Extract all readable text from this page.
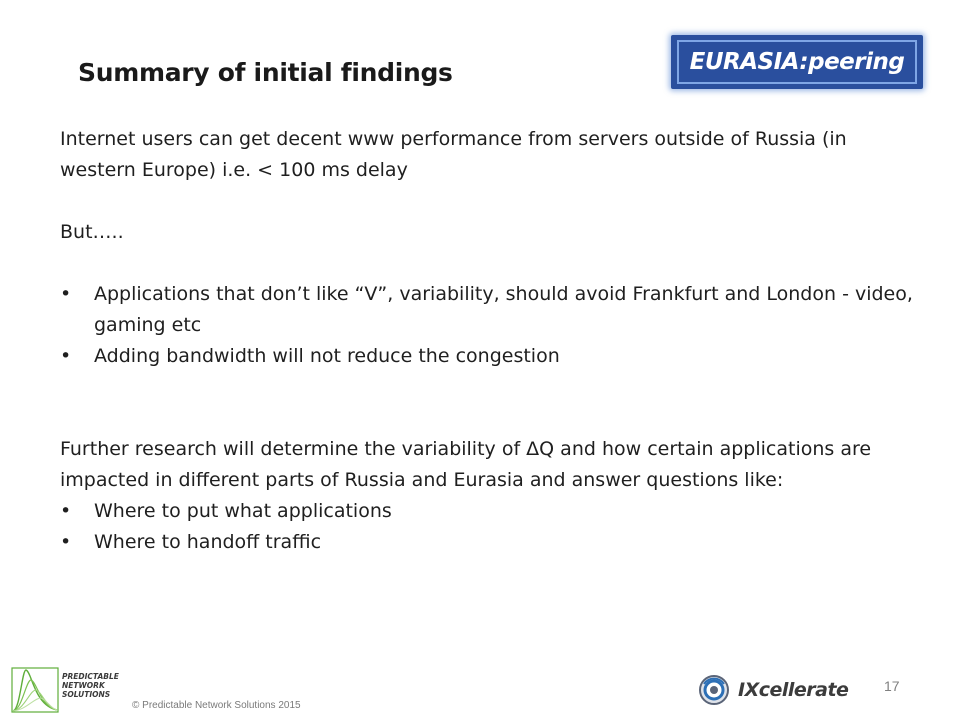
Summary of initial findings	EURASIA: peering

Internet users can get decent www performance from servers outside of Russia (in western Europe) i.e. < 100 ms delay

But…..

•	Applications that don’t like “V”, variability, should avoid Frankfurt and London - video, gaming etc
•	Adding bandwidth will not reduce the congestion

Further research will determine the variability of ΔQ and how certain applications are impacted in different parts of Russia and Eurasia and answer questions like:

•	Where to put what applications
•	Where to handoff traffic
PREDICTABLE
NETWORK
SOLUTIONS
© Predictable Network Solutions 2015
IXcellerate	17
